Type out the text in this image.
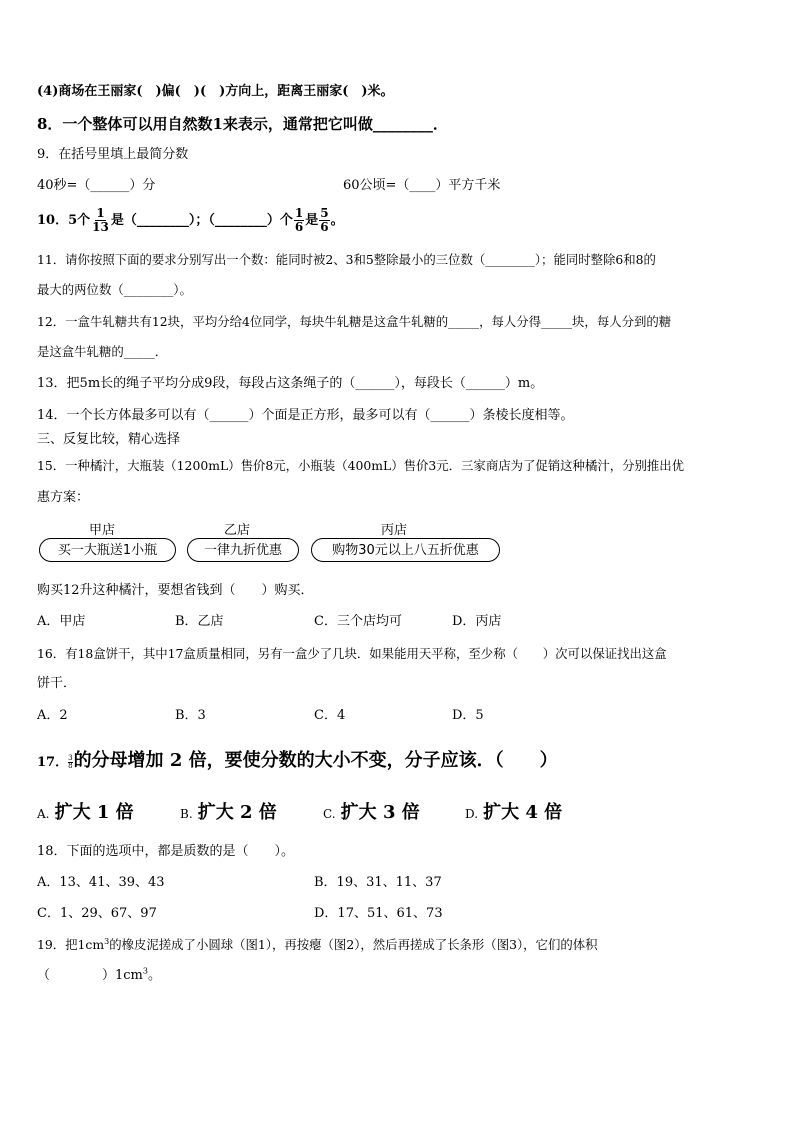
(4)商场在王丽家( )偏( )( )方向上，距离王丽家( )米。
8．一个整体可以用自然数1来表示，通常把它叫做________．
9．在括号里填上最简分数
40秒=（______）分	60公顷=（____）平方千米
10．5个 $\frac{1}{13}$ 是（________）；（________）个 $\frac{1}{6}$ 是 $\frac{5}{6}$ 。
11．请你按照下面的要求分别写出一个数：能同时被2、3和5整除最小的三位数（________）；能同时整除6和8的
最大的两位数（________）。
12．一盒牛轧糖共有12块，平均分给4位同学，每块牛轧糖是这盒牛轧糖的_____，每人分得_____块，每人分到的糖
是这盒牛轧糖的_____．
13．把5m长的绳子平均分成9段，每段占这条绳子的（______），每段长（______）m。
14．一个长方体最多可以有（______）个面是正方形，最多可以有（______）条棱长度相等。
三、反复比较，精心选择
15．一种橘汁，大瓶装（1200mL）售价8元，小瓶装（400mL）售价3元．三家商店为了促销这种橘汁，分别推出优
惠方案：
甲店	乙店	丙店
买一大瓶送1小瓶	一律九折优惠	购物30元以上八五折优惠
购买12升这种橘汁，要想省钱到（  ）购买．
A．甲店	B．乙店	C．三个店均可	D．丙店
16．有18盒饼干，其中17盒质量相同，另有一盒少了几块．如果能用天平称，至少称（  ）次可以保证找出这盒
饼干．
A．2	B．3	C．4	D．5
17． $\frac{3}{8}$ 的分母增加 2 倍，要使分数的大小不变，分子应该．（  ）
A. 扩大 1 倍	B. 扩大 2 倍	C. 扩大 3 倍	D. 扩大 4 倍
18．下面的选项中，都是质数的是（  ）。
A．13、41、39、43	B．19、31、11、37
C．1、29、67、97	D．17、51、61、73
19．把$1cm^3$的橡皮泥搓成了小圆球（图1），再按瘪（图2），然后再搓成了长条形（图3），它们的体积
（    ）$1cm^3$。
